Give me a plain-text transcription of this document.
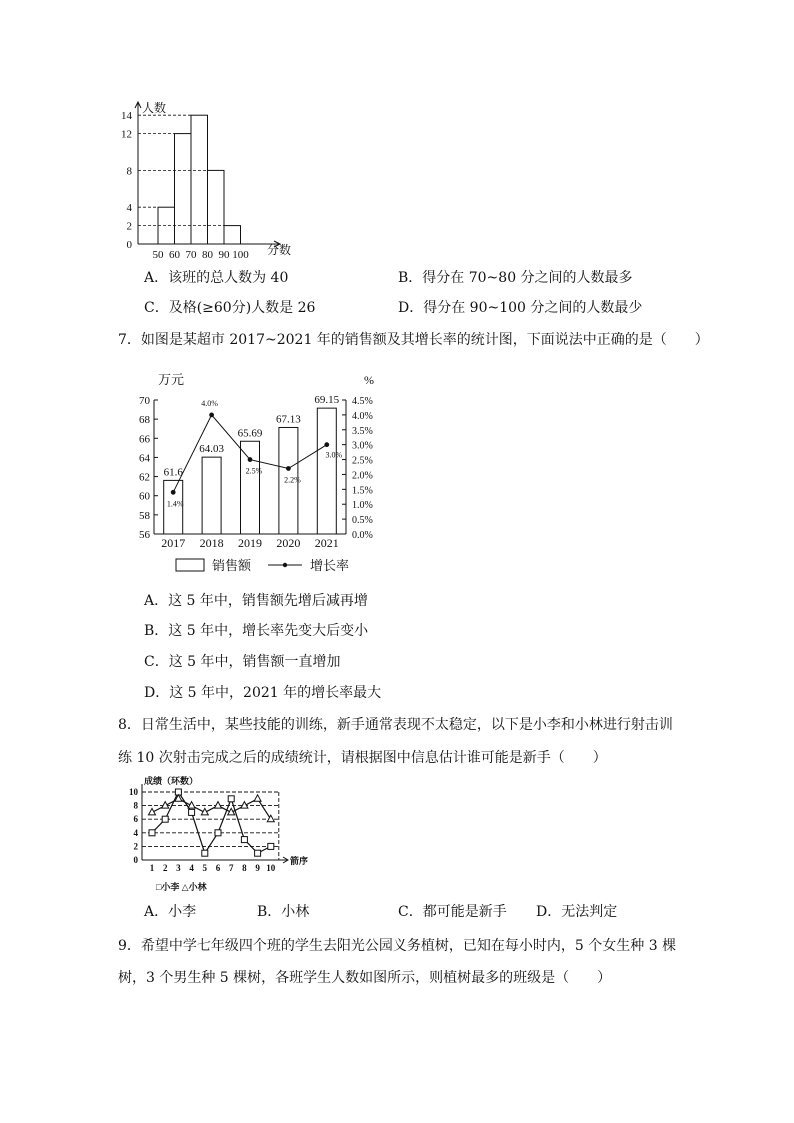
人数
分数
14
12
8
4
2
0
50 60 70 80 90 100
A．该班的总人数为 40	B．得分在 70~80 分之间的人数最多
C．及格(≥60分)人数是 26	D．得分在 90~100 分之间的人数最少
7．如图是某超市 2017~2021 年的销售额及其增长率的统计图，下面说法中正确的是（　　）
万元	%
70
68
66
64
62
60
58
56
4.5%
4.0%
3.5%
3.0%
2.5%
2.0%
1.5%
1.0%
0.5%
0.0%
61.6
2017
64.03
2018
65.69
2019
67.13
2020
69.15
2021
1.4%
4.0%
2.5%
2.2%
3.0%
销售额	增长率
A．这 5 年中，销售额先增后减再增
B．这 5 年中，增长率先变大后变小
C．这 5 年中，销售额一直增加
D．这 5 年中，2021 年的增长率最大
8．日常生活中，某些技能的训练，新手通常表现不太稳定，以下是小李和小林进行射击训
练 10 次射击完成之后的成绩统计，请根据图中信息估计谁可能是新手（　　）
成绩（环数）
箭序
10
8
6
4
2
0
1 2 3 4 5 6 7 8 9 10
□小李 △小林
A．小李	B．小林	C．都可能是新手 D．无法判定
9．希望中学七年级四个班的学生去阳光公园义务植树，已知在每小时内，5 个女生种 3 棵
树，3 个男生种 5 棵树，各班学生人数如图所示，则植树最多的班级是（　　）
